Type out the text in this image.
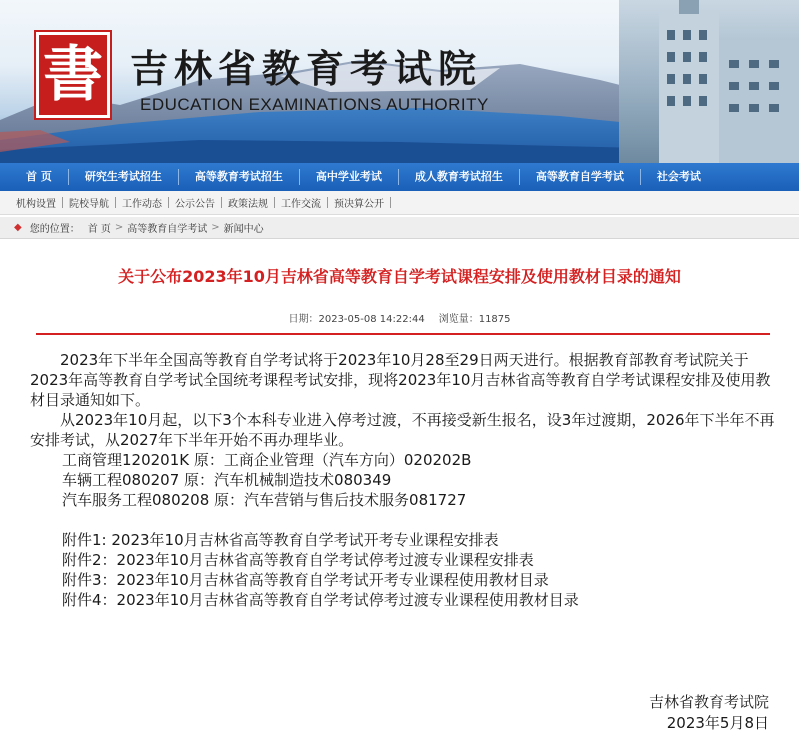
書 吉林省教育考试院
EDUCATION EXAMINATIONS AUTHORITY
首 页	研究生考试招生	高等教育考试招生	高中学业考试	成人教育考试招生	高等教育自学考试	社会考试
机构设置	院校导航	工作动态	公示公告	政策法规	工作交流	预决算公开
◆ 您的位置： 首 页 > 高等教育自学考试 > 新闻中心
关于公布2023年10月吉林省高等教育自学考试课程安排及使用教材目录的通知
日期：2023-05-08 14:22:44 浏览量：11875

2023年下半年全国高等教育自学考试将于2023年10月28至29日两天进行。根据教育部教育考试院关于2023年高等教育自学考试全国统考课程考试安排，现将2023年10月吉林省高等教育自学考试课程安排及使用教材目录通知如下。

从2023年10月起，以下3个本科专业进入停考过渡，不再接受新生报名，设3年过渡期，2026年下半年不再安排考试，从2027年下半年开始不再办理毕业。

工商管理120201K 原：工商企业管理（汽车方向）020202B

车辆工程080207 原：汽车机械制造技术080349

汽车服务工程080208 原：汽车营销与售后技术服务081727

附件1: 2023年10月吉林省高等教育自学考试开考专业课程安排表

附件2：2023年10月吉林省高等教育自学考试停考过渡专业课程安排表

附件3：2023年10月吉林省高等教育自学考试开考专业课程使用教材目录

附件4：2023年10月吉林省高等教育自学考试停考过渡专业课程使用教材目录

吉林省教育考试院
2023年5月8日
